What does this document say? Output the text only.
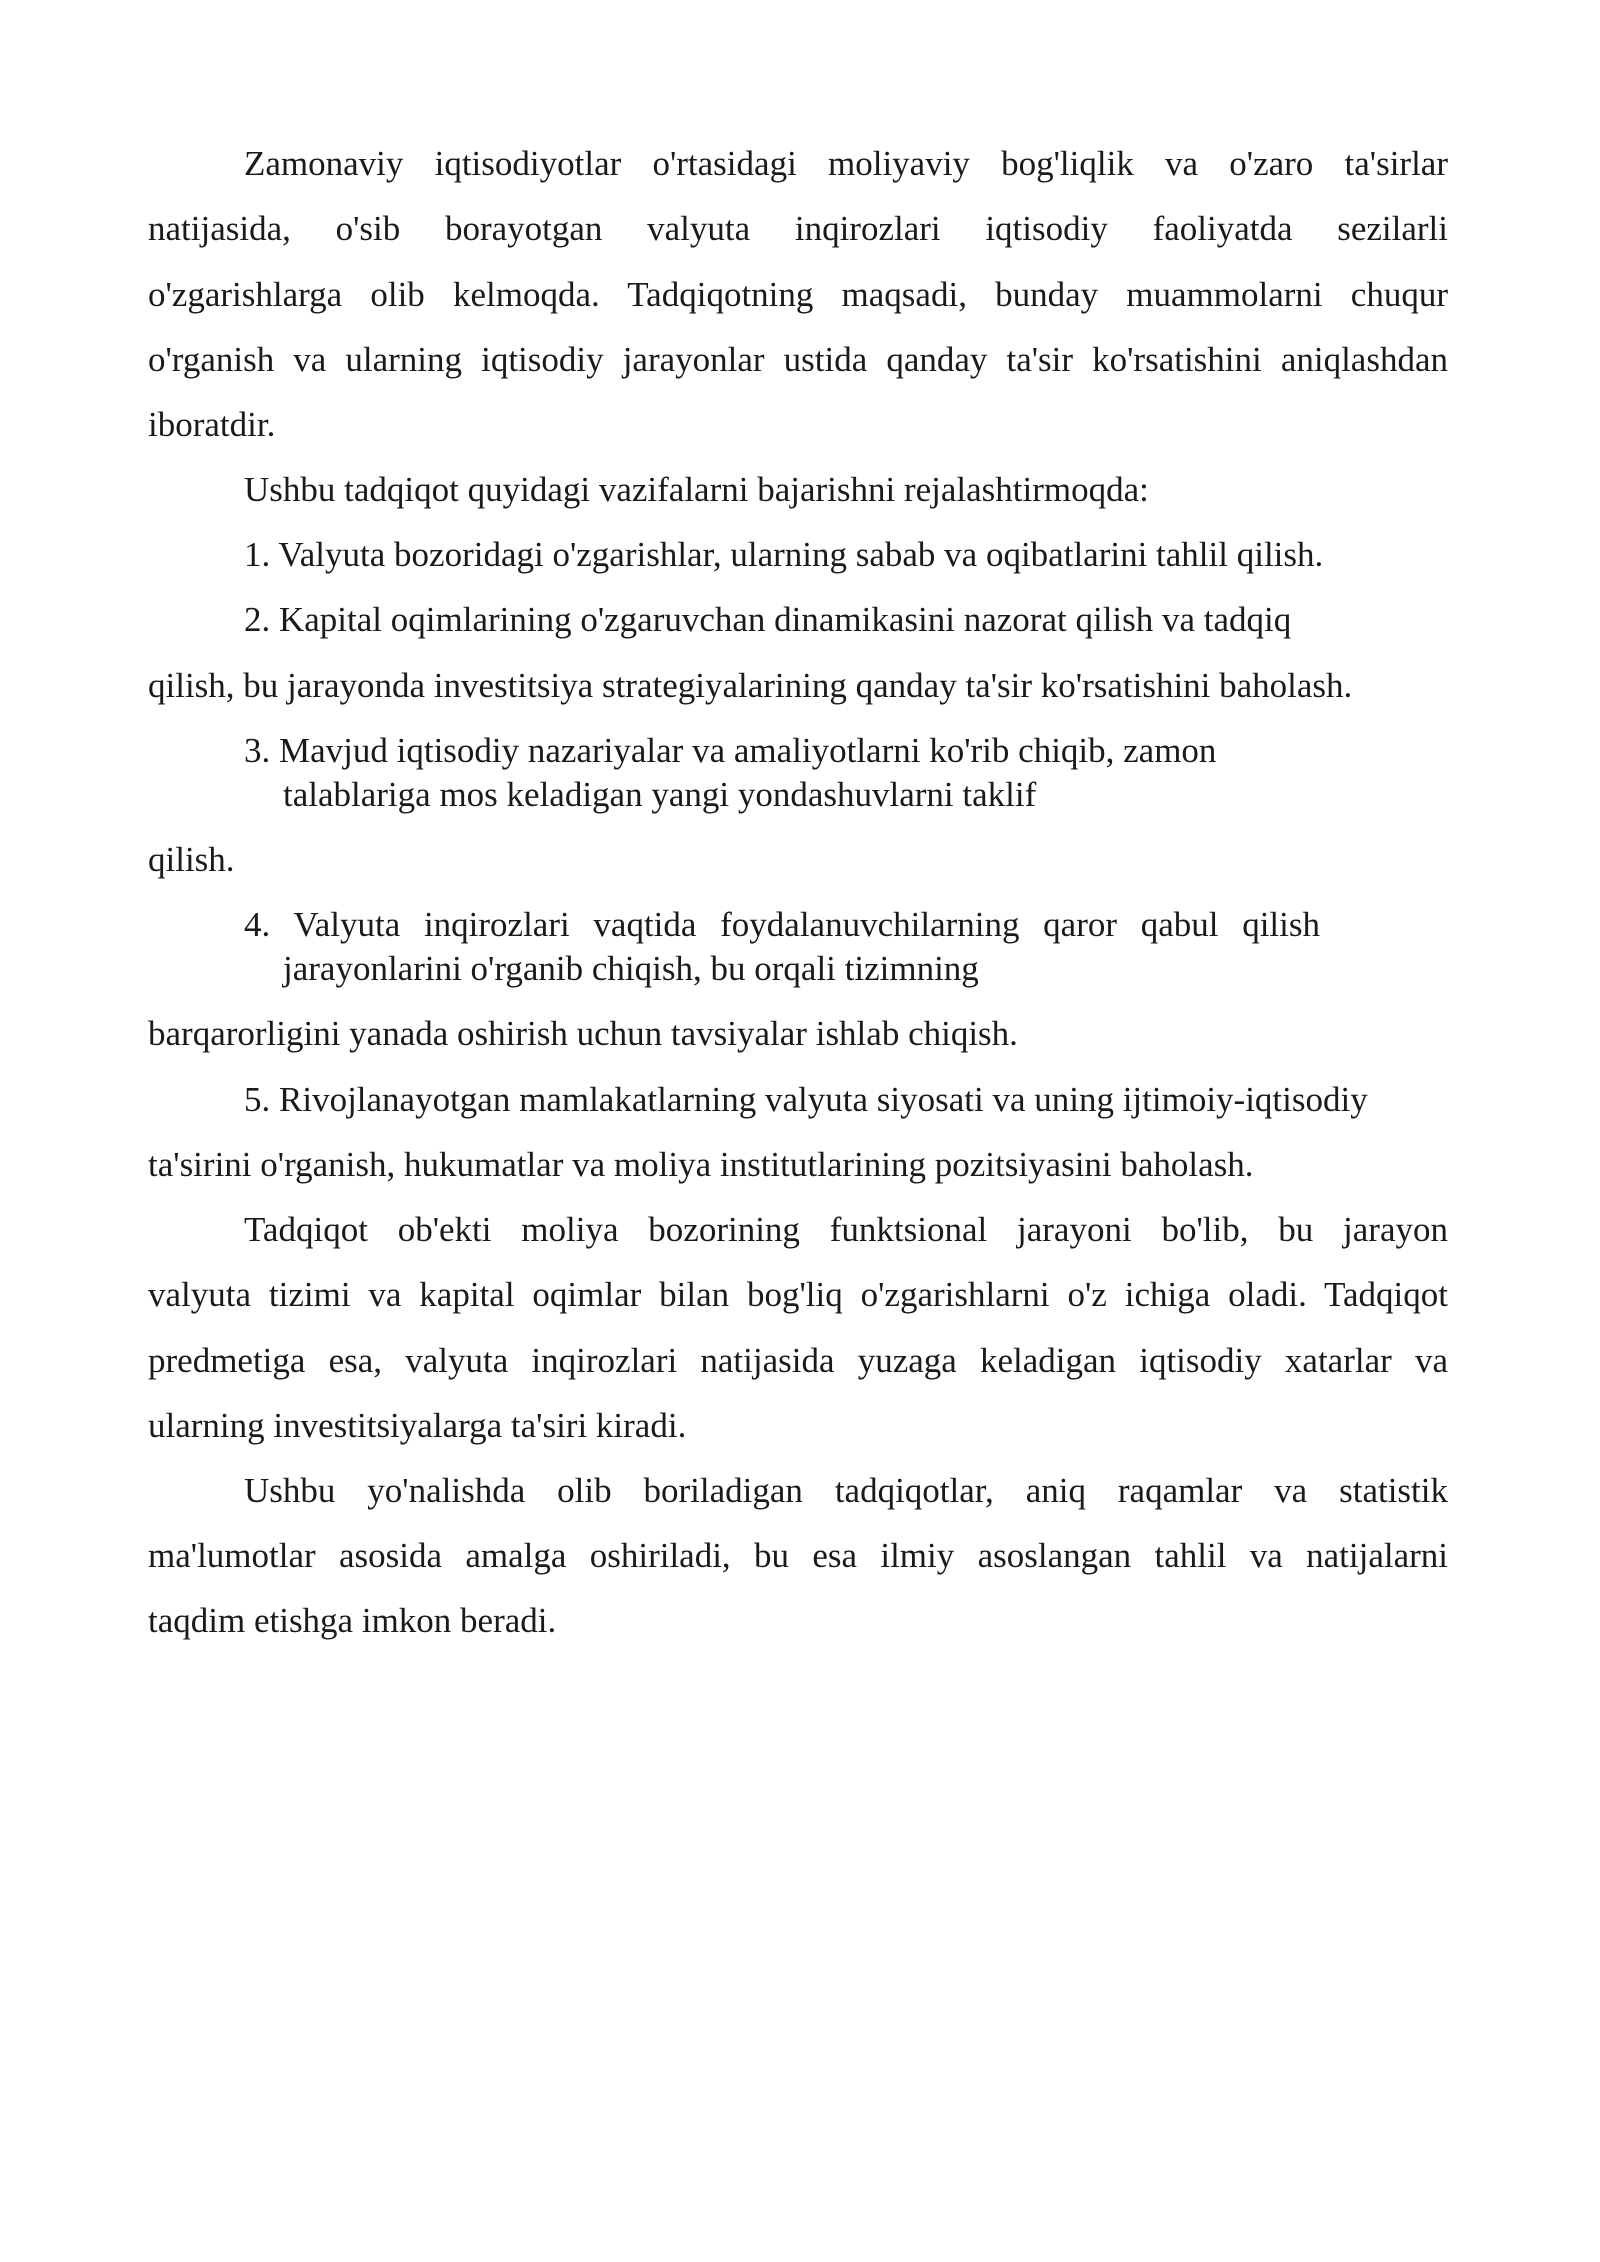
Zamonaviy iqtisodiyotlar o'rtasidagi moliyaviy bog'liqlik va o'zaro ta'sirlar
natijasida, o'sib borayotgan valyuta inqirozlari iqtisodiy faoliyatda sezilarli
o'zgarishlarga olib kelmoqda. Tadqiqotning maqsadi, bunday muammolarni chuqur
o'rganish va ularning iqtisodiy jarayonlar ustida qanday ta'sir ko'rsatishini aniqlashdan
iboratdir.
Ushbu tadqiqot quyidagi vazifalarni bajarishni rejalashtirmoqda:
1. Valyuta bozoridagi o'zgarishlar, ularning sabab va oqibatlarini tahlil qilish.
2. Kapital oqimlarining o'zgaruvchan dinamikasini nazorat qilish va tadqiq
qilish, bu jarayonda investitsiya strategiyalarining qanday ta'sir ko'rsatishini baholash.
3. Mavjud iqtisodiy nazariyalar va amaliyotlarni ko'rib chiqib, zamon
talablariga mos keladigan yangi yondashuvlarni taklif
qilish.
4. Valyuta inqirozlari vaqtida foydalanuvchilarning qaror qabul qilish
jarayonlarini o'rganib chiqish, bu orqali tizimning
barqarorligini yanada oshirish uchun tavsiyalar ishlab chiqish.
5. Rivojlanayotgan mamlakatlarning valyuta siyosati va uning ijtimoiy-iqtisodiy
ta'sirini o'rganish, hukumatlar va moliya institutlarining pozitsiyasini baholash.
Tadqiqot ob'ekti moliya bozorining funktsional jarayoni bo'lib, bu jarayon
valyuta tizimi va kapital oqimlar bilan bog'liq o'zgarishlarni o'z ichiga oladi. Tadqiqot
predmetiga esa, valyuta inqirozlari natijasida yuzaga keladigan iqtisodiy xatarlar va
ularning investitsiyalarga ta'siri kiradi.
Ushbu yo'nalishda olib boriladigan tadqiqotlar, aniq raqamlar va statistik
ma'lumotlar asosida amalga oshiriladi, bu esa ilmiy asoslangan tahlil va natijalarni
taqdim etishga imkon beradi.
